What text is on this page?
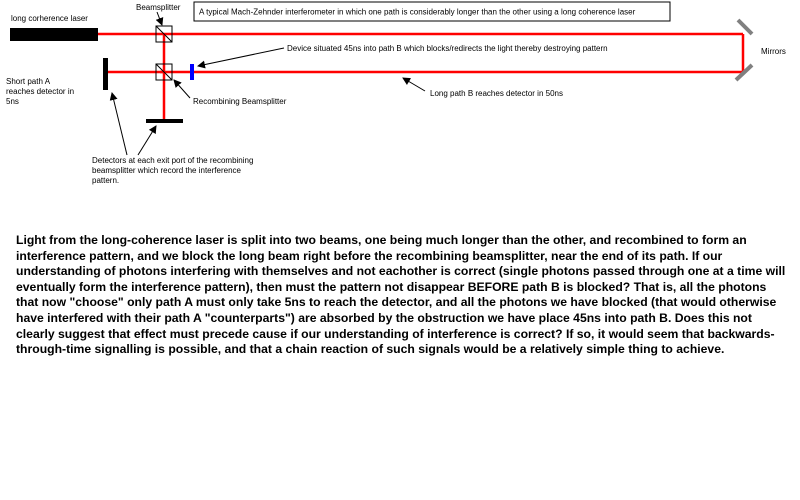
A typical Mach-Zehnder interferometer in which one path is considerably longer than the other using a long coherence laser
long corherence laser
Mirrors
Beamsplitter
Device situated 45ns into path B which blocks/redirects the light thereby destroying pattern
Short path A reaches detector in 5ns	Recombining Beamsplitter
Long path B reaches detector in 50ns
Detectors at each exit port of the recombining beamsplitter which record the interference pattern.

Light from the long-coherence laser is split into two beams, one being much longer than the other, and recombined to form an interference pattern, and we block the long beam right before the recombining beamsplitter, near the end of its path. If our understanding of photons interfering with themselves and not eachother is correct (single photons passed through one at a time will eventually form the interference pattern), then must the pattern not disappear BEFORE path B is blocked? That is, all the photons that now "choose" only path A must only take 5ns to reach the detector, and all the photons we have blocked (that would otherwise have interfered with their path A "counterparts") are absorbed by the obstruction we have place 45ns into path B. Does this not clearly suggest that effect must precede cause if our understanding of interference is correct? If so, it would seem that backwards-through-time signalling is possible, and that a chain reaction of such signals would be a relatively simple thing to achieve.
